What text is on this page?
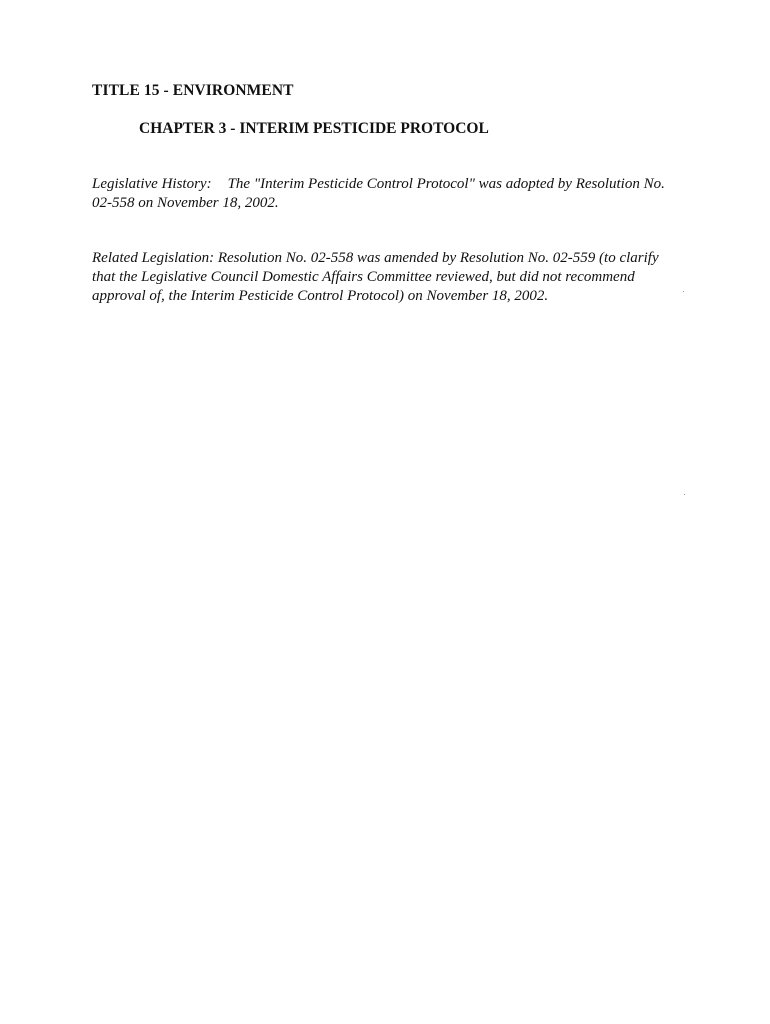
TITLE 15 - ENVIRONMENT
CHAPTER 3 - INTERIM PESTICIDE PROTOCOL
Legislative History: The "Interim Pesticide Control Protocol" was adopted by Resolution No.
02-558 on November 18, 2002.
Related Legislation: Resolution No. 02-558 was amended by Resolution No. 02-559 (to clarify
that the Legislative Council Domestic Affairs Committee reviewed, but did not recommend
approval of, the Interim Pesticide Control Protocol) on November 18, 2002.
